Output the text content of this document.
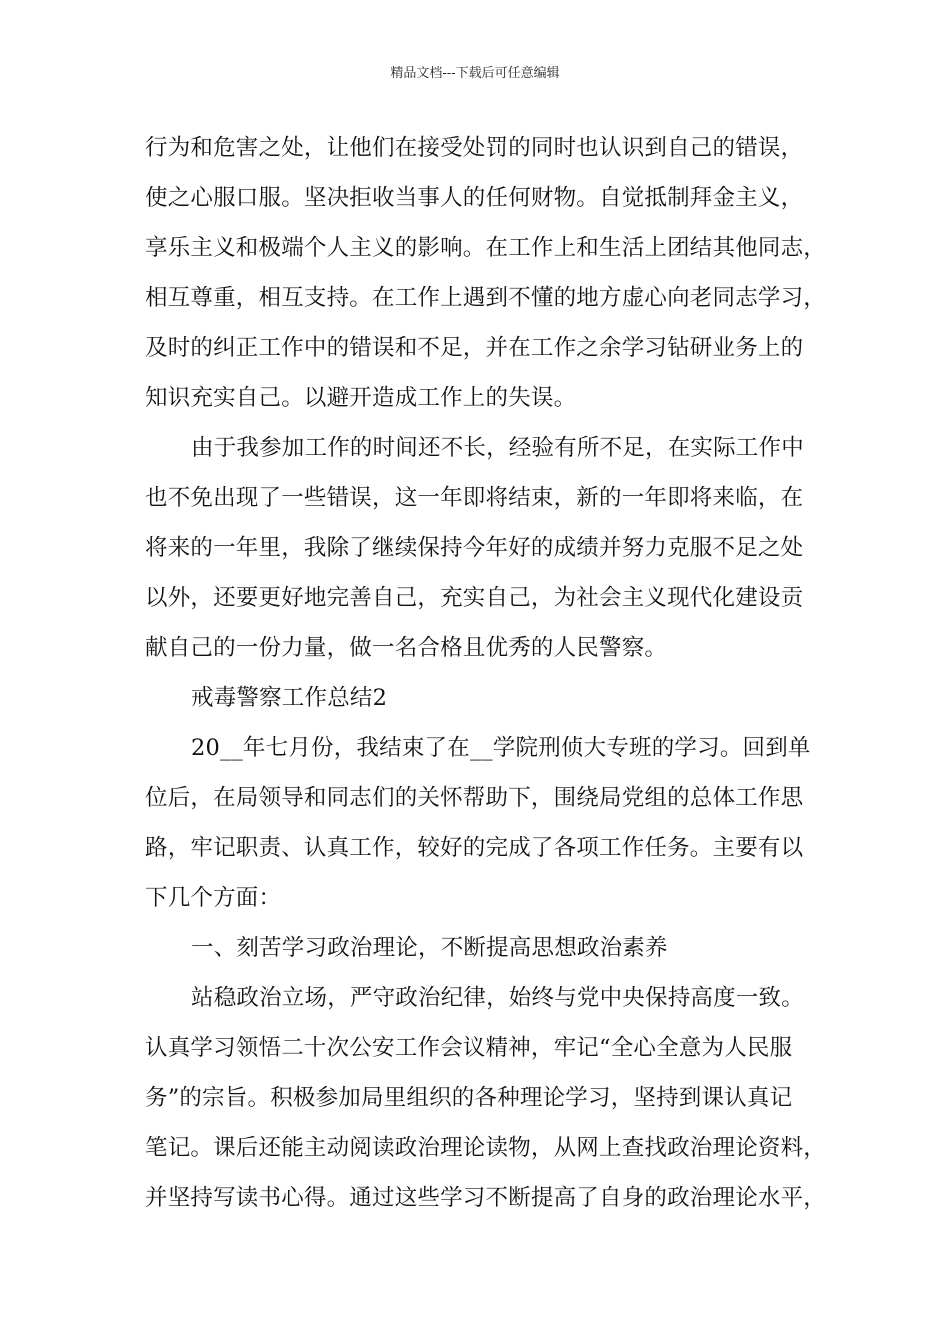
精品文档---下载后可任意编辑
行为和危害之处，让他们在接受处罚的同时也认识到自己的错误，
使之心服口服。坚决拒收当事人的任何财物。自觉抵制拜金主义，
享乐主义和极端个人主义的影响。在工作上和生活上团结其他同志，
相互尊重，相互支持。在工作上遇到不懂的地方虚心向老同志学习，
及时的纠正工作中的错误和不足，并在工作之余学习钻研业务上的
知识充实自己。以避开造成工作上的失误。
由于我参加工作的时间还不长，经验有所不足，在实际工作中
也不免出现了一些错误，这一年即将结束，新的一年即将来临，在
将来的一年里，我除了继续保持今年好的成绩并努力克服不足之处
以外，还要更好地完善自己，充实自己，为社会主义现代化建设贡
献自己的一份力量，做一名合格且优秀的人民警察。
戒毒警察工作总结2
20__年七月份，我结束了在__学院刑侦大专班的学习。回到单
位后，在局领导和同志们的关怀帮助下，围绕局党组的总体工作思
路，牢记职责、认真工作，较好的完成了各项工作任务。主要有以
下几个方面：
一、刻苦学习政治理论，不断提高思想政治素养
站稳政治立场，严守政治纪律，始终与党中央保持高度一致。
认真学习领悟二十次公安工作会议精神，牢记“全心全意为人民服
务”的宗旨。积极参加局里组织的各种理论学习，坚持到课认真记
笔记。课后还能主动阅读政治理论读物，从网上查找政治理论资料，
并坚持写读书心得。通过这些学习不断提高了自身的政治理论水平，
